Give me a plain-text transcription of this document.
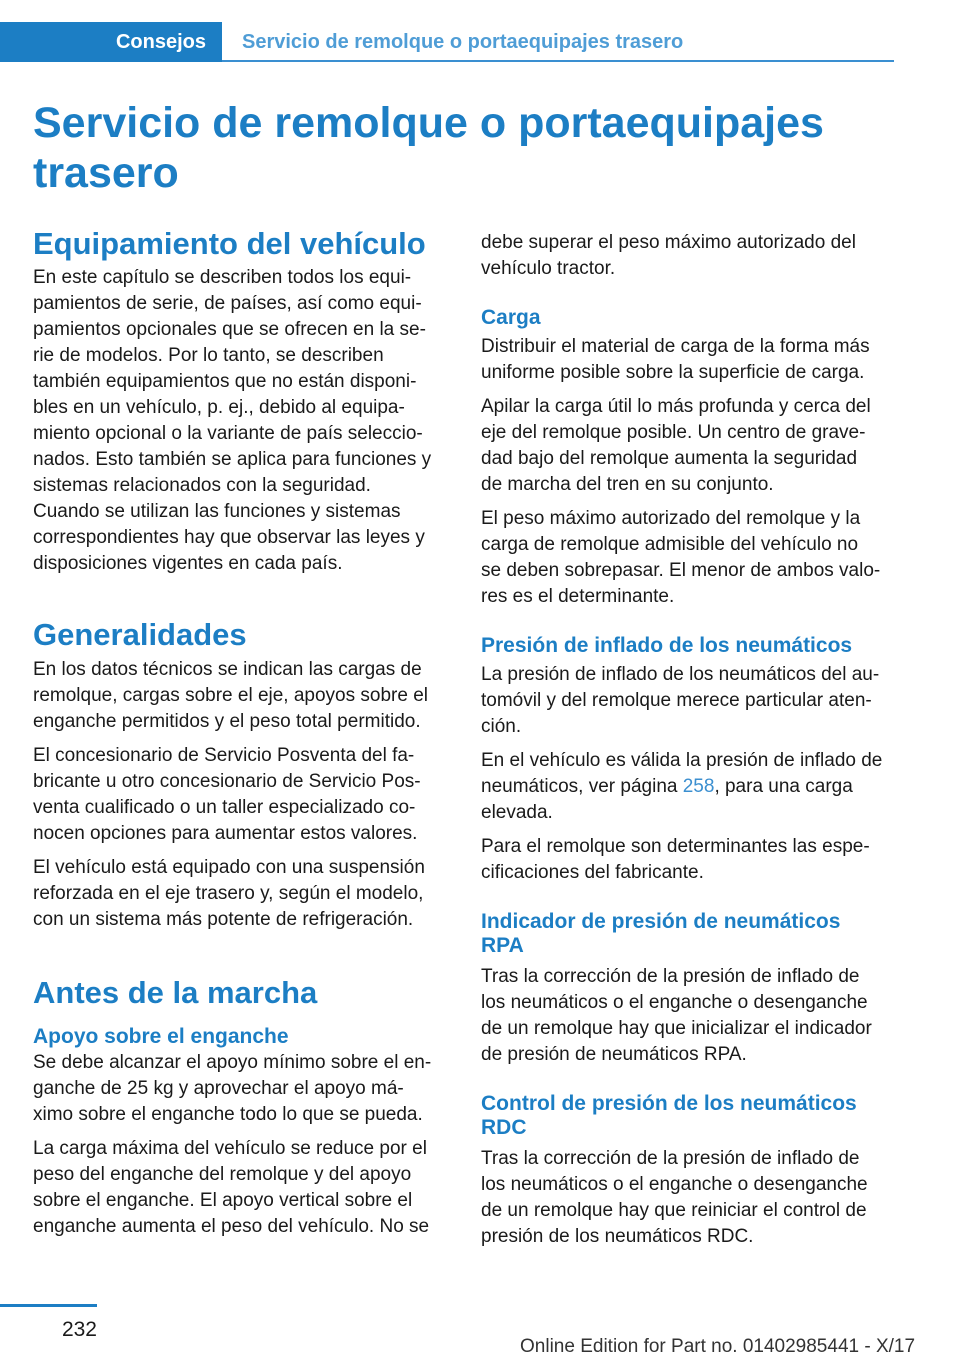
Consejos	Servicio de remolque o portaequipajes trasero
Servicio de remolque o portaequipajes trasero
Equipamiento del vehículo

En este capítulo se describen todos los equi-
pamientos de serie, de países, así como equi-
pamientos opcionales que se ofrecen en la se-
rie de modelos. Por lo tanto, se describen
también equipamientos que no están disponi-
bles en un vehículo, p. ej., debido al equipa-
miento opcional o la variante de país seleccio-
nados. Esto también se aplica para funciones y
sistemas relacionados con la seguridad.
Cuando se utilizan las funciones y sistemas
correspondientes hay que observar las leyes y
disposiciones vigentes en cada país.

Generalidades

En los datos técnicos se indican las cargas de
remolque, cargas sobre el eje, apoyos sobre el
enganche permitidos y el peso total permitido.

El concesionario de Servicio Posventa del fa-
bricante u otro concesionario de Servicio Pos-
venta cualificado o un taller especializado co-
nocen opciones para aumentar estos valores.

El vehículo está equipado con una suspensión
reforzada en el eje trasero y, según el modelo,
con un sistema más potente de refrigeración.

Antes de la marcha
Apoyo sobre el enganche

Se debe alcanzar el apoyo mínimo sobre el en-
ganche de 25 kg y aprovechar el apoyo má-
ximo sobre el enganche todo lo que se pueda.

La carga máxima del vehículo se reduce por el
peso del enganche del remolque y del apoyo
sobre el enganche. El apoyo vertical sobre el
enganche aumenta el peso del vehículo. No se

debe superar el peso máximo autorizado del
vehículo tractor.

Carga

Distribuir el material de carga de la forma más
uniforme posible sobre la superficie de carga.

Apilar la carga útil lo más profunda y cerca del
eje del remolque posible. Un centro de grave-
dad bajo del remolque aumenta la seguridad
de marcha del tren en su conjunto.

El peso máximo autorizado del remolque y la
carga de remolque admisible del vehículo no
se deben sobrepasar. El menor de ambos valo-
res es el determinante.

Presión de inflado de los neumáticos

La presión de inflado de los neumáticos del au-
tomóvil y del remolque merece particular aten-
ción.

En el vehículo es válida la presión de inflado de
neumáticos, ver página 258, para una carga
elevada.

Para el remolque son determinantes las espe-
cificaciones del fabricante.

Indicador de presión de neumáticos
RPA

Tras la corrección de la presión de inflado de
los neumáticos o el enganche o desenganche
de un remolque hay que inicializar el indicador
de presión de neumáticos RPA.

Control de presión de los neumáticos
RDC

Tras la corrección de la presión de inflado de
los neumáticos o el enganche o desenganche
de un remolque hay que reiniciar el control de
presión de los neumáticos RDC.

232
Online Edition for Part no. 01402985441 - X/17
